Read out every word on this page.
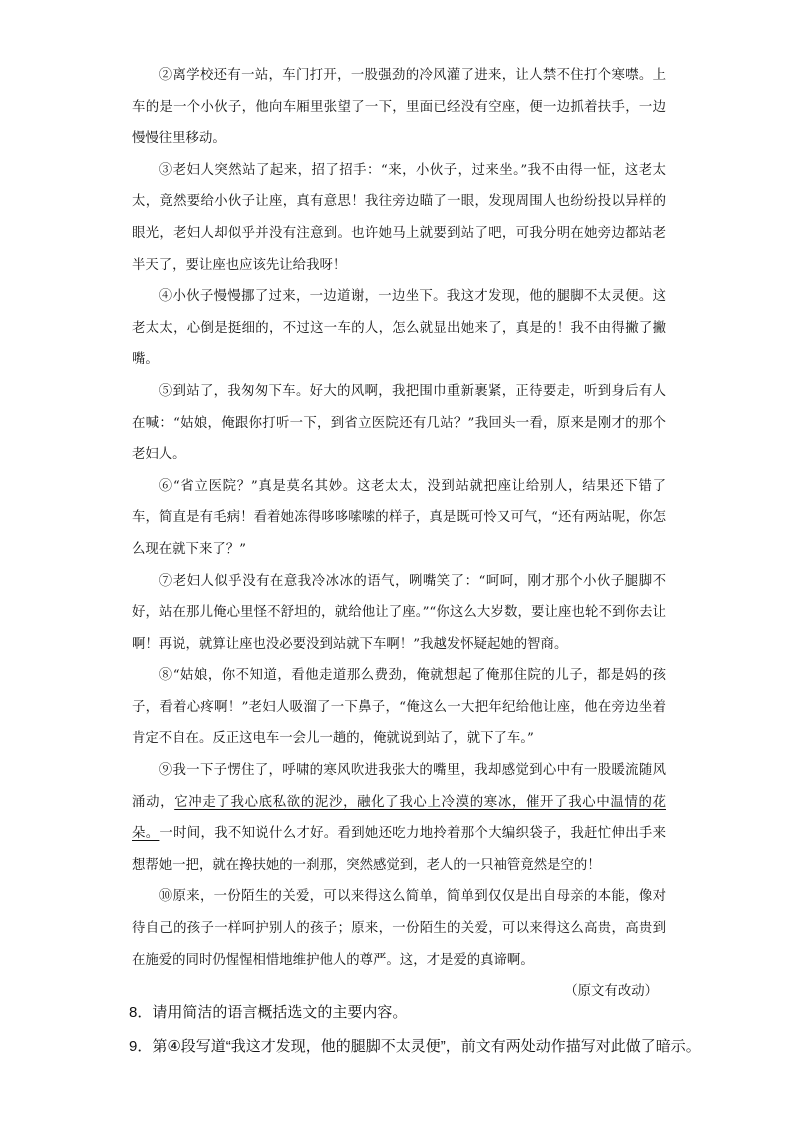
②离学校还有一站，车门打开，一股强劲的冷风灌了进来，让人禁不住打个寒噤。上车的是一个小伙子，他向车厢里张望了一下，里面已经没有空座，便一边抓着扶手，一边慢慢往里移动。

③老妇人突然站了起来，招了招手：“来，小伙子，过来坐。”我不由得一怔，这老太太，竟然要给小伙子让座，真有意思！我往旁边瞄了一眼，发现周围人也纷纷投以异样的眼光，老妇人却似乎并没有注意到。也许她马上就要到站了吧，可我分明在她旁边都站老半天了，要让座也应该先让给我呀！

④小伙子慢慢挪了过来，一边道谢，一边坐下。我这才发现，他的腿脚不太灵便。这老太太，心倒是挺细的，不过这一车的人，怎么就显出她来了，真是的！我不由得撇了撇嘴。

⑤到站了，我匆匆下车。好大的风啊，我把围巾重新裹紧，正待要走，听到身后有人在喊：“姑娘，俺跟你打听一下，到省立医院还有几站？”我回头一看，原来是刚才的那个老妇人。

⑥“省立医院？”真是莫名其妙。这老太太，没到站就把座让给别人，结果还下错了车，简直是有毛病！看着她冻得哆哆嗦嗦的样子，真是既可怜又可气，“还有两站呢，你怎么现在就下来了？”

⑦老妇人似乎没有在意我冷冰冰的语气，咧嘴笑了：“呵呵，刚才那个小伙子腿脚不好，站在那儿俺心里怪不舒坦的，就给他让了座。”“你这么大岁数，要让座也轮不到你去让啊！再说，就算让座也没必要没到站就下车啊！”我越发怀疑起她的智商。

⑧“姑娘，你不知道，看他走道那么费劲，俺就想起了俺那住院的儿子，都是妈的孩子，看着心疼啊！”老妇人吸溜了一下鼻子，“俺这么一大把年纪给他让座，他在旁边坐着肯定不自在。反正这电车一会儿一趟的，俺就说到站了，就下了车。”

⑨我一下子愣住了，呼啸的寒风吹进我张大的嘴里，我却感觉到心中有一股暖流随风涌动，它冲走了我心底私欲的泥沙，融化了我心上冷漠的寒冰，催开了我心中温情的花朵。一时间，我不知说什么才好。看到她还吃力地拎着那个大编织袋子，我赶忙伸出手来想帮她一把，就在搀扶她的一刹那，突然感觉到，老人的一只袖管竟然是空的！

⑩原来，一份陌生的关爱，可以来得这么简单，简单到仅仅是出自母亲的本能，像对待自己的孩子一样呵护别人的孩子；原来，一份陌生的关爱，可以来得这么高贵，高贵到在施爱的同时仍惺惺相惜地维护他人的尊严。这，才是爱的真谛啊。

（原文有改动）

8．请用简洁的语言概括选文的主要内容。

9．第④段写道“我这才发现，他的腿脚不太灵便”，前文有两处动作描写对此做了暗示。
